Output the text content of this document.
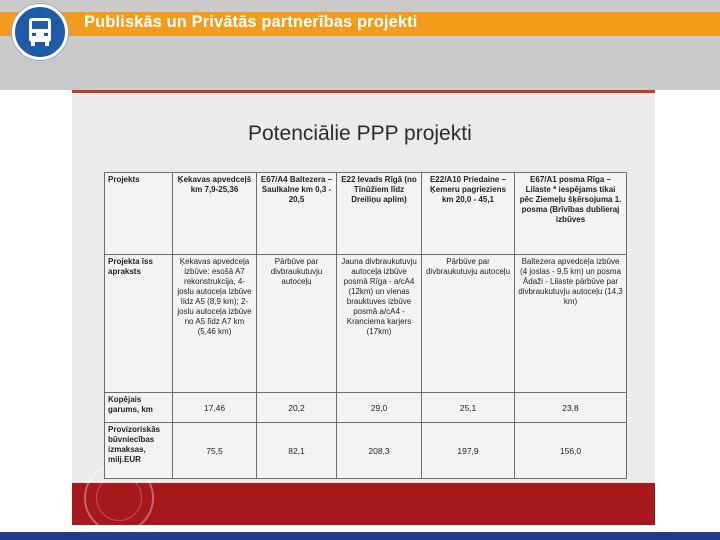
Publiskās un Privātās partnerības projekti
Potenciālie PPP projekti
Projekts	Ķekavas apvedceļš km 7,9-25,36	E67/A4 Baltezera – Saulkalne km 0,3 - 20,5	E22 Ievads Rīgā (no Tīnūžiem līdz Dreiliņu aplim)	E22/A10 Priedaine – Ķemeru pagrieziens km 20,0 - 45,1	E67/A1 posma Rīga – Lilaste * iespējams tikai pēc Ziemeļu šķērsojuma 1. posma (Brīvības dublieraj izbūves
Projekta īss apraksts	Ķekavas apvedceļa izbūve: esošā A7 rekonstrukcija, 4-joslu autoceļa izbūve līdz A5 (8,9 km); 2-joslu autoceļa izbūve no A5 līdz A7 km (5,46 km)	Pārbūve par divbraukutuvju autoceļu	Jauna divbraukutuvju autoceļa izbūve posmā Rīga - a/cA4 (12km) un vienas brauktuves izbūve posmā a/cA4 - Kranciema karjers (17km)	Pārbūve par divbraukutuvju autoceļu	Baltezera apvedceļa izbūve (4 joslas - 9,5 km) un posma Ādaži - Lilaste pārbūve par divbraukutuvju autoceļu (14,3 km)
Kopējais garums, km	17,46	20,2	29,0	25,1	23,8
Provizoriskās būvniecības izmaksas, milj.EUR	75,5	82,1	208,3	197,9	156,0
